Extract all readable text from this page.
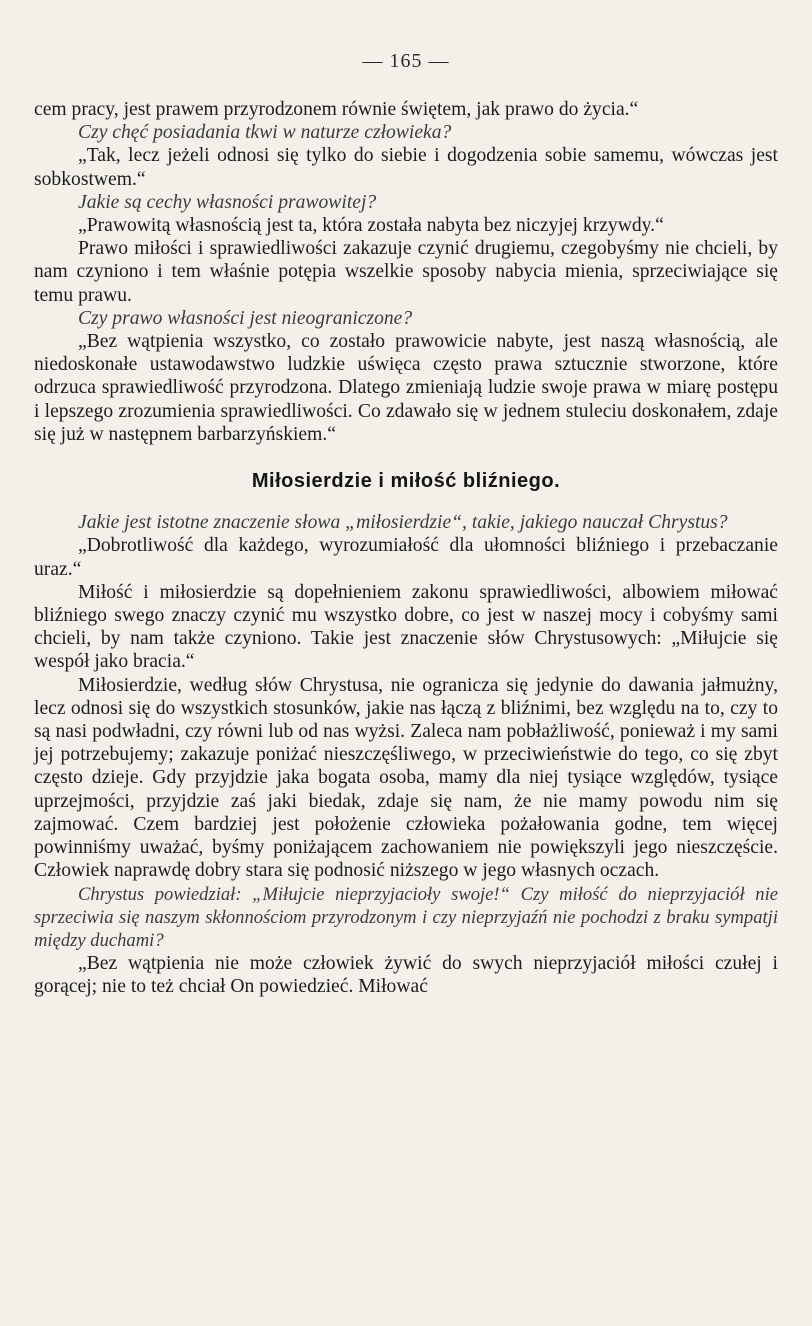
— 165 —

cem pracy, jest prawem przyrodzonem równie świętem, jak prawo do życia.“

Czy chęć posiadania tkwi w naturze człowieka?

„Tak, lecz jeżeli odnosi się tylko do siebie i dogodzenia sobie samemu, wówczas jest sobkostwem.“

Jakie są cechy własności prawowitej?

„Prawowitą własnością jest ta, która została nabyta bez niczyjej krzywdy.“

Prawo miłości i sprawiedliwości zakazuje czynić drugiemu, czegobyśmy nie chcieli, by nam czyniono i tem właśnie potępia wszelkie sposoby nabycia mienia, sprzeciwiające się temu prawu.

Czy prawo własności jest nieograniczone?

„Bez wątpienia wszystko, co zostało prawowicie nabyte, jest naszą własnością, ale niedoskonałe ustawodawstwo ludzkie uświęca często prawa sztucznie stworzone, które odrzuca sprawiedliwość przyrodzona. Dlatego zmieniają ludzie swoje prawa w miarę postępu i lepszego zrozumienia sprawiedliwości. Co zdawało się w jednem stuleciu doskonałem, zdaje się już w następnem barbarzyńskiem.“

Miłosierdzie i miłość bliźniego.

Jakie jest istotne znaczenie słowa „miłosierdzie“, takie, jakiego nauczał Chrystus?

„Dobrotliwość dla każdego, wyrozumiałość dla ułomności bliźniego i przebaczanie uraz.“

Miłość i miłosierdzie są dopełnieniem zakonu sprawiedliwości, albowiem miłować bliźniego swego znaczy czynić mu wszystko dobre, co jest w naszej mocy i cobyśmy sami chcieli, by nam także czyniono. Takie jest znaczenie słów Chrystusowych: „Miłujcie się wespół jako bracia.“

Miłosierdzie, według słów Chrystusa, nie ogranicza się jedynie do dawania jałmużny, lecz odnosi się do wszystkich stosunków, jakie nas łączą z bliźnimi, bez względu na to, czy to są nasi podwładni, czy równi lub od nas wyżsi. Zaleca nam pobłażliwość, ponieważ i my sami jej potrzebujemy; zakazuje poniżać nieszczęśliwego, w przeciwieństwie do tego, co się zbyt często dzieje. Gdy przyjdzie jaka bogata osoba, mamy dla niej tysiące względów, tysiące uprzejmości, przyjdzie zaś jaki biedak, zdaje się nam, że nie mamy powodu nim się zajmować. Czem bardziej jest położenie człowieka pożałowania godne, tem więcej powinniśmy uważać, byśmy poniżającem zachowaniem nie powiększyli jego nieszczęście. Człowiek naprawdę dobry stara się podnosić niższego w jego własnych oczach.

Chrystus powiedział: „Miłujcie nieprzyjacioły swoje!“ Czy miłość do nieprzyjaciół nie sprzeciwia się naszym skłonnościom przyrodzonym i czy nieprzyjaźń nie pochodzi z braku sympatji między duchami?

„Bez wątpienia nie może człowiek żywić do swych nieprzyjaciół miłości czułej i gorącej; nie to też chciał On powiedzieć. Miłować
